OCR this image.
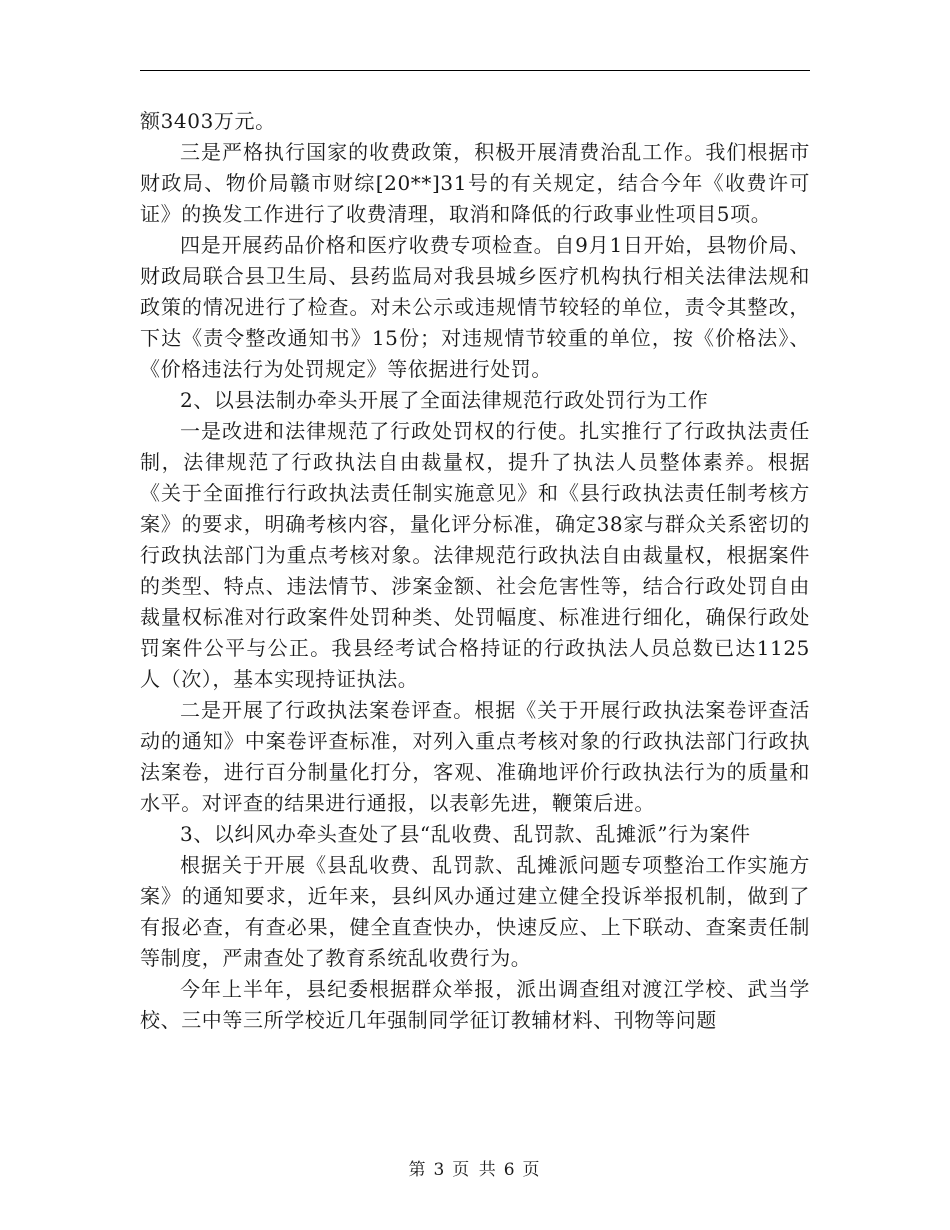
额3403万元。

三是严格执行国家的收费政策，积极开展清费治乱工作。我们根据市财政局、物价局赣市财综[20**]31号的有关规定，结合今年《收费许可证》的换发工作进行了收费清理，取消和降低的行政事业性项目5项。

四是开展药品价格和医疗收费专项检查。自9月1日开始，县物价局、财政局联合县卫生局、县药监局对我县城乡医疗机构执行相关法律法规和政策的情况进行了检查。对未公示或违规情节较轻的单位，责令其整改，下达《责令整改通知书》15份；对违规情节较重的单位，按《价格法》、《价格违法行为处罚规定》等依据进行处罚。

2、以县法制办牵头开展了全面法律规范行政处罚行为工作

一是改进和法律规范了行政处罚权的行使。扎实推行了行政执法责任制，法律规范了行政执法自由裁量权，提升了执法人员整体素养。根据《关于全面推行行政执法责任制实施意见》和《县行政执法责任制考核方案》的要求，明确考核内容，量化评分标准，确定38家与群众关系密切的行政执法部门为重点考核对象。法律规范行政执法自由裁量权，根据案件的类型、特点、违法情节、涉案金额、社会危害性等，结合行政处罚自由裁量权标准对行政案件处罚种类、处罚幅度、标准进行细化，确保行政处罚案件公平与公正。我县经考试合格持证的行政执法人员总数已达1125人（次），基本实现持证执法。

二是开展了行政执法案卷评查。根据《关于开展行政执法案卷评查活动的通知》中案卷评查标准，对列入重点考核对象的行政执法部门行政执法案卷，进行百分制量化打分，客观、准确地评价行政执法行为的质量和水平。对评查的结果进行通报，以表彰先进，鞭策后进。

3、以纠风办牵头查处了县“乱收费、乱罚款、乱摊派”行为案件

根据关于开展《县乱收费、乱罚款、乱摊派问题专项整治工作实施方案》的通知要求，近年来，县纠风办通过建立健全投诉举报机制，做到了有报必查，有查必果，健全直查快办，快速反应、上下联动、查案责任制等制度，严肃查处了教育系统乱收费行为。

今年上半年，县纪委根据群众举报，派出调查组对渡江学校、武当学校、三中等三所学校近几年强制同学征订教辅材料、刊物等问题

第 3 页 共 6 页
